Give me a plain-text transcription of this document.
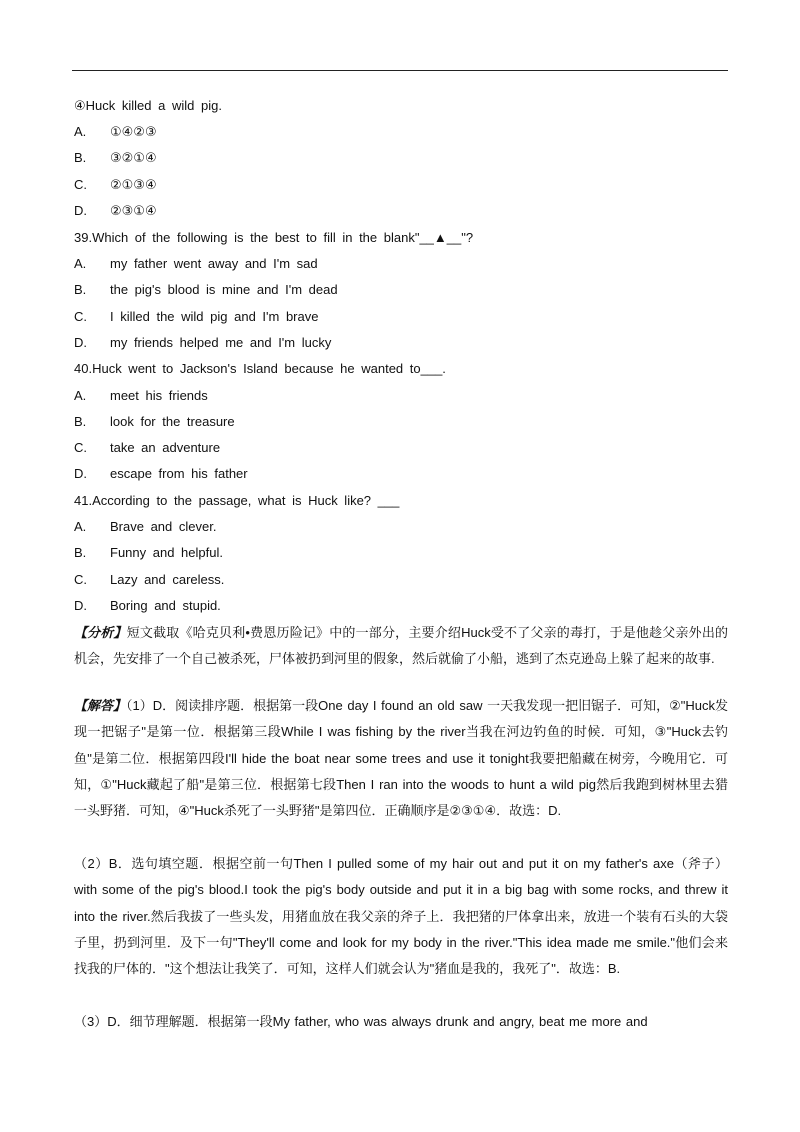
④Huck killed a wild pig.
A. ①④②③
B. ③②①④
C. ②①③④
D. ②③①④
39.Which of the following is the best to fill in the blank"__▲__"?
A. my father went away and I'm sad
B. the pig's blood is mine and I'm dead
C. I killed the wild pig and I'm brave
D. my friends helped me and I'm lucky
40.Huck went to Jackson's Island because he wanted to___.
A. meet his friends
B. look for the treasure
C. take an adventure
D. escape from his father
41.According to the passage, what is Huck like? ___
A. Brave and clever.
B. Funny and helpful.
C. Lazy and careless.
D. Boring and stupid.
【分析】短文截取《哈克贝利•费恩历险记》中的一部分，主要介绍Huck受不了父亲的毒打，于是他趁父亲外出的机会，先安排了一个自己被杀死，尸体被扔到河里的假象，然后就偷了小船，逃到了杰克逊岛上躲了起来的故事.
【解答】（1）D．阅读排序题．根据第一段One day I found an old saw 一天我发现一把旧锯子．可知，②"Huck发现一把锯子"是第一位．根据第三段While I was fishing by the river当我在河边钓鱼的时候．可知，③"Huck去钓鱼"是第二位．根据第四段I'll hide the boat near some trees and use it tonight我要把船藏在树旁，今晚用它．可知，①"Huck藏起了船"是第三位．根据第七段Then I ran into the woods to hunt a wild pig然后我跑到树林里去猎一头野猪．可知，④"Huck杀死了一头野猪"是第四位．正确顺序是②③①④．故选：D.
（2）B．选句填空题．根据空前一句Then I pulled some of my hair out and put it on my father's axe（斧子） with some of the pig's blood.I took the pig's body outside and put it in a big bag with some rocks, and threw it into the river.然后我拔了一些头发，用猪血放在我父亲的斧子上．我把猪的尸体拿出来，放进一个装有石头的大袋子里，扔到河里．及下一句"They'll come and look for my body in the river."This idea made me smile."他们会来找我的尸体的．"这个想法让我笑了．可知，这样人们就会认为"猪血是我的，我死了"．故选：B.
（3）D．细节理解题．根据第一段My father, who was always drunk and angry, beat me more and
